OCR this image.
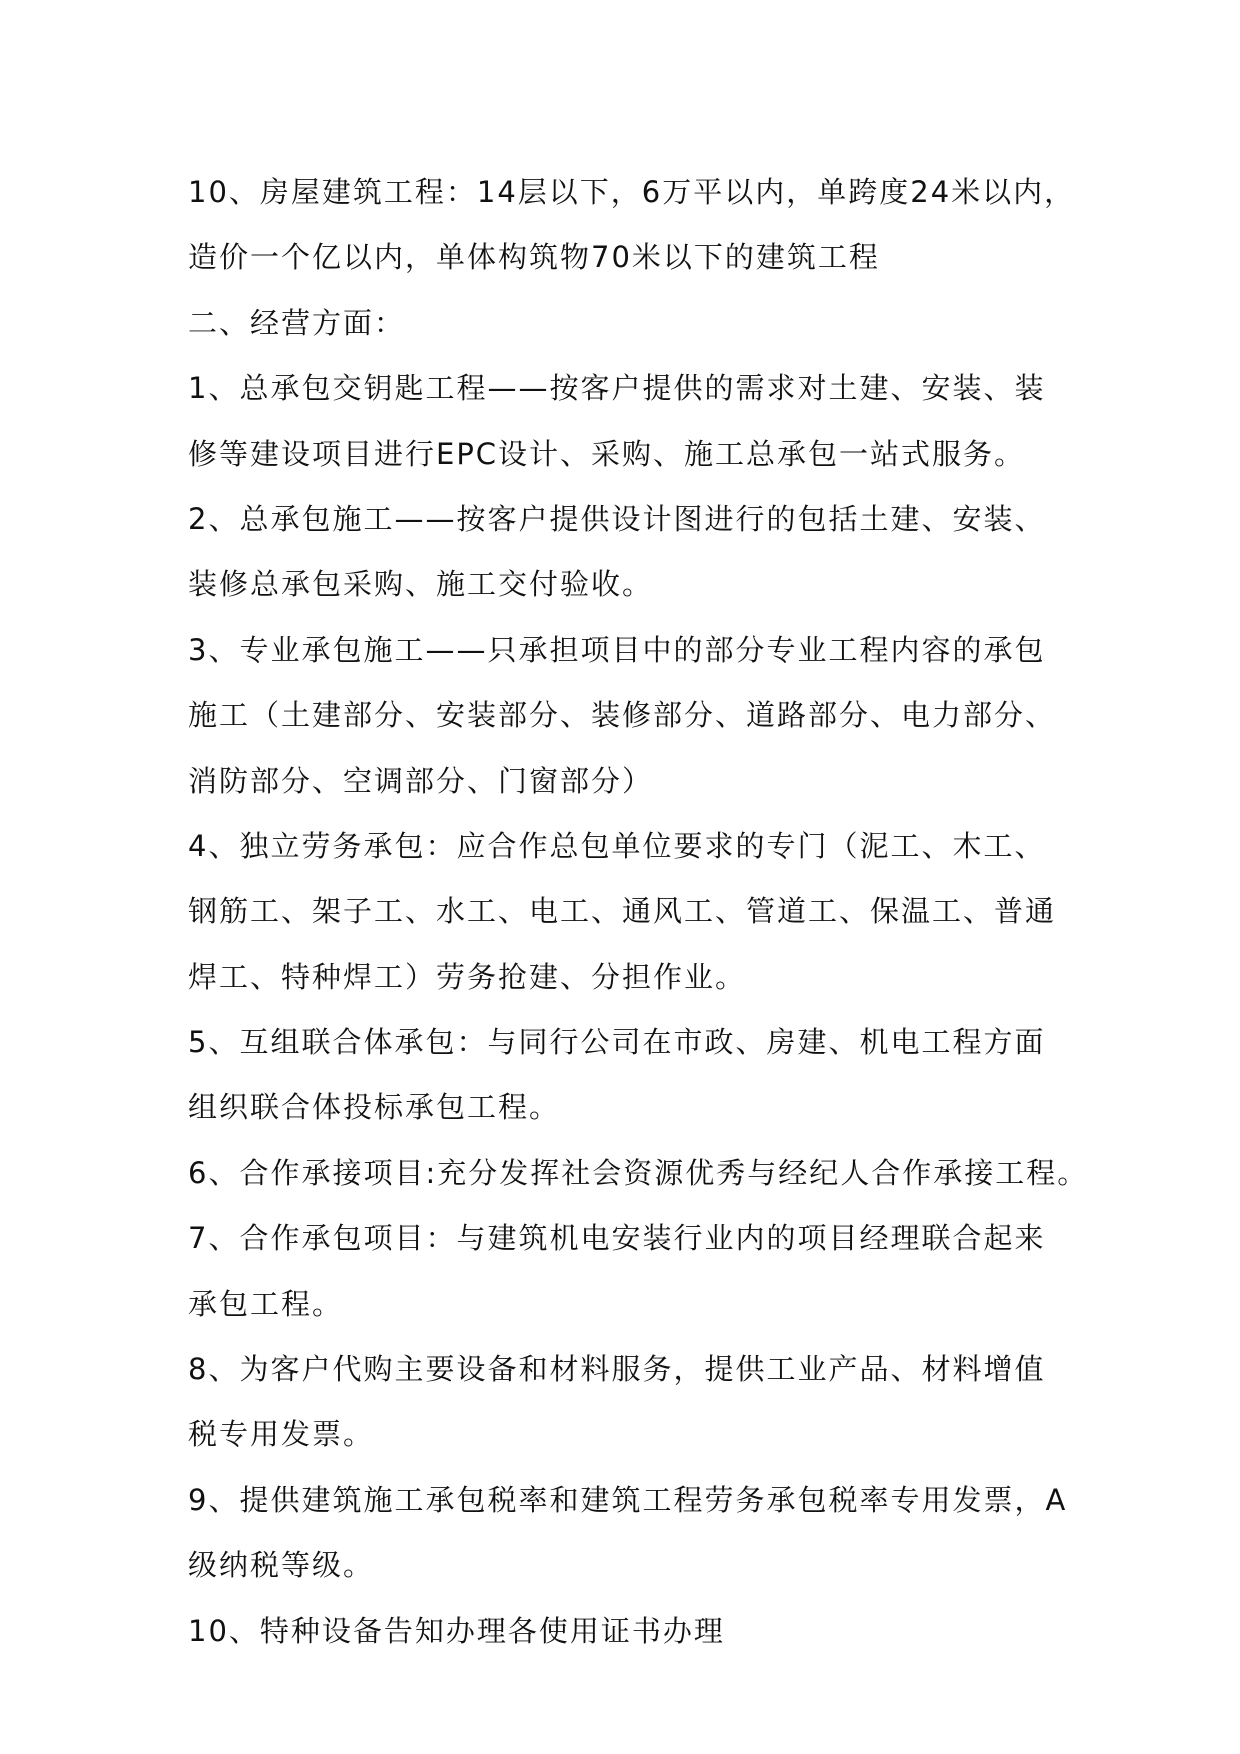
10、房屋建筑工程：14层以下，6万平以内，单跨度24米以内，
造价一个亿以内，单体构筑物70米以下的建筑工程
二、经营方面：
1、总承包交钥匙工程——按客户提供的需求对土建、安装、装
修等建设项目进行EPC设计、采购、施工总承包一站式服务。
2、总承包施工——按客户提供设计图进行的包括土建、安装、
装修总承包采购、施工交付验收。
3、专业承包施工——只承担项目中的部分专业工程内容的承包
施工（土建部分、安装部分、装修部分、道路部分、电力部分、
消防部分、空调部分、门窗部分）
4、独立劳务承包：应合作总包单位要求的专门（泥工、木工、
钢筋工、架子工、水工、电工、通风工、管道工、保温工、普通
焊工、特种焊工）劳务抢建、分担作业。
5、互组联合体承包：与同行公司在市政、房建、机电工程方面
组织联合体投标承包工程。
6、合作承接项目:充分发挥社会资源优秀与经纪人合作承接工程。
7、合作承包项目：与建筑机电安装行业内的项目经理联合起来
承包工程。
8、为客户代购主要设备和材料服务，提供工业产品、材料增值
税专用发票。
9、提供建筑施工承包税率和建筑工程劳务承包税率专用发票，A
级纳税等级。
10、特种设备告知办理各使用证书办理
